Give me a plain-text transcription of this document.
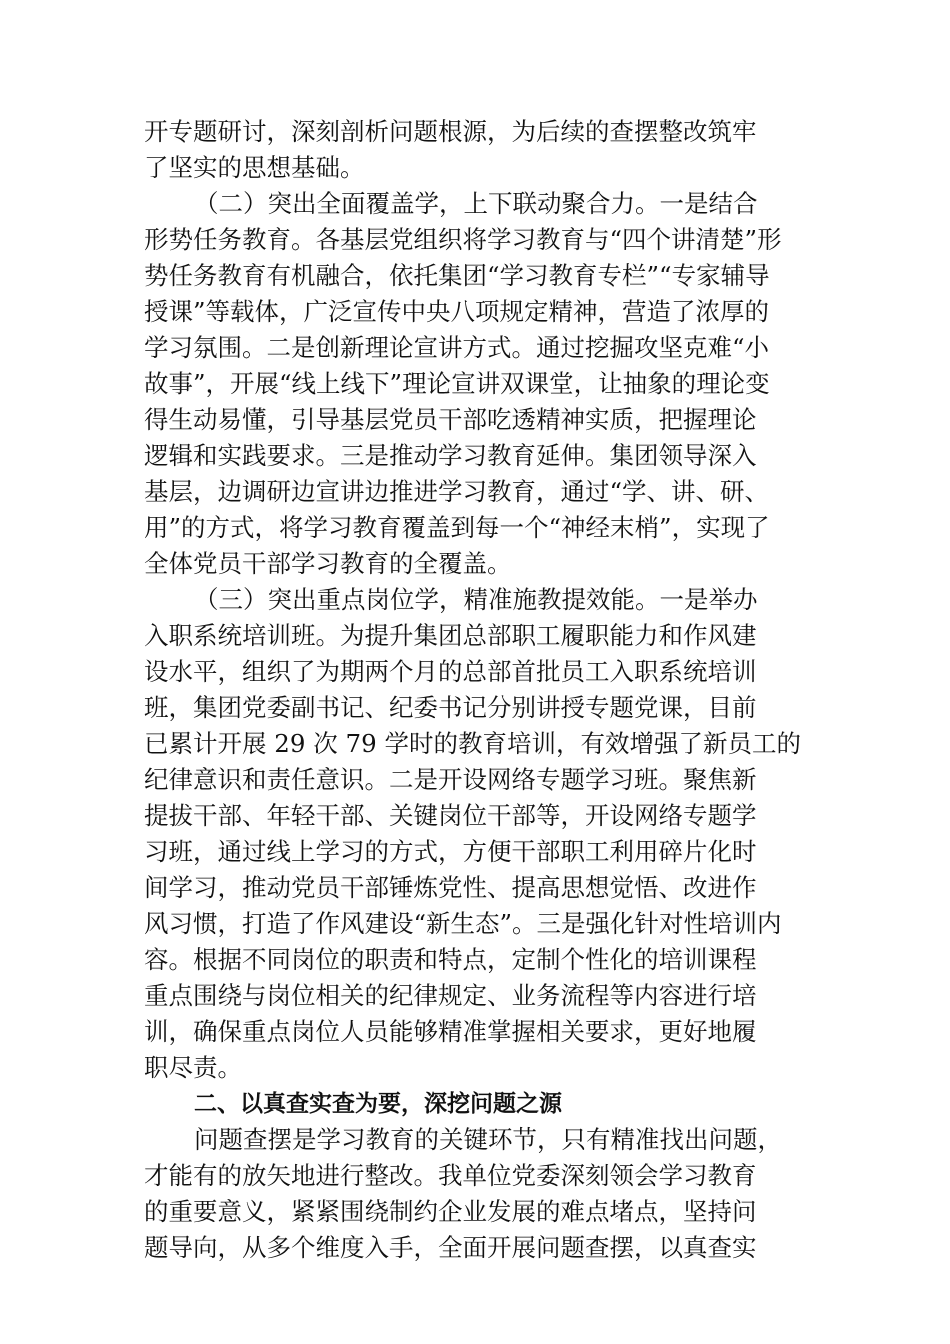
开专题研讨，深刻剖析问题根源，为后续的查摆整改筑牢
了坚实的思想基础。
（二）突出全面覆盖学，上下联动聚合力。一是结合
形势任务教育。各基层党组织将学习教育与“四个讲清楚”形
势任务教育有机融合，依托集团“学习教育专栏”“专家辅导
授课”等载体，广泛宣传中央八项规定精神，营造了浓厚的
学习氛围。二是创新理论宣讲方式。通过挖掘攻坚克难“小
故事”，开展“线上线下”理论宣讲双课堂，让抽象的理论变
得生动易懂，引导基层党员干部吃透精神实质，把握理论
逻辑和实践要求。三是推动学习教育延伸。集团领导深入
基层，边调研边宣讲边推进学习教育，通过“学、讲、研、
用”的方式，将学习教育覆盖到每一个“神经末梢”，实现了
全体党员干部学习教育的全覆盖。
（三）突出重点岗位学，精准施教提效能。一是举办
入职系统培训班。为提升集团总部职工履职能力和作风建
设水平，组织了为期两个月的总部首批员工入职系统培训
班，集团党委副书记、纪委书记分别讲授专题党课，目前
已累计开展 29 次 79 学时的教育培训，有效增强了新员工的
纪律意识和责任意识。二是开设网络专题学习班。聚焦新
提拔干部、年轻干部、关键岗位干部等，开设网络专题学
习班，通过线上学习的方式，方便干部职工利用碎片化时
间学习，推动党员干部锤炼党性、提高思想觉悟、改进作
风习惯，打造了作风建设“新生态”。三是强化针对性培训内
容。根据不同岗位的职责和特点，定制个性化的培训课程
重点围绕与岗位相关的纪律规定、业务流程等内容进行培
训，确保重点岗位人员能够精准掌握相关要求，更好地履
职尽责。
二、以真查实查为要，深挖问题之源
问题查摆是学习教育的关键环节，只有精准找出问题，
才能有的放矢地进行整改。我单位党委深刻领会学习教育
的重要意义，紧紧围绕制约企业发展的难点堵点，坚持问
题导向，从多个维度入手，全面开展问题查摆，以真查实
